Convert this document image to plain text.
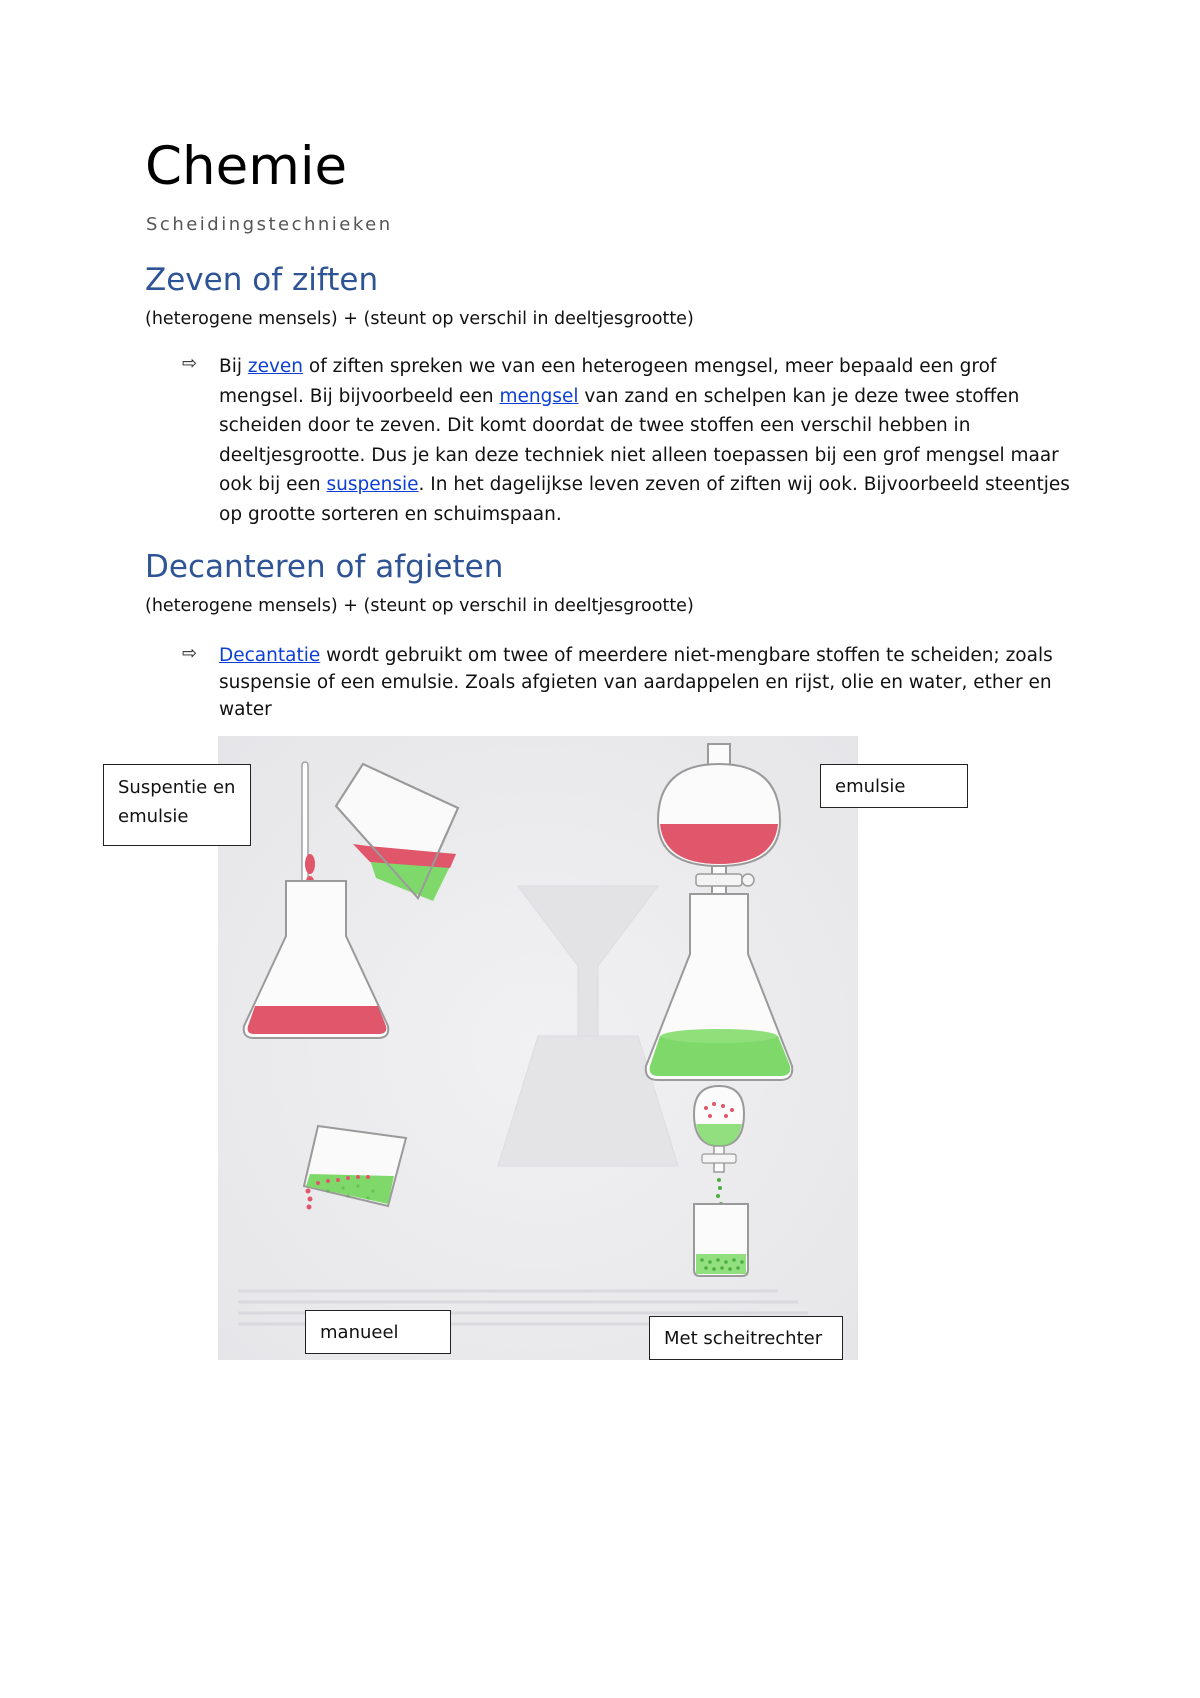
Chemie
Scheidingstechnieken
Zeven of ziften
(heterogene mensels) + (steunt op verschil in deeltjesgrootte)
⇨ Bij zeven of ziften spreken we van een heterogeen mengsel, meer bepaald een grof mengsel. Bij bijvoorbeeld een mengsel van zand en schelpen kan je deze twee stoffen scheiden door te zeven. Dit komt doordat de twee stoffen een verschil hebben in deeltjesgrootte. Dus je kan deze techniek niet alleen toepassen bij een grof mengsel maar ook bij een suspensie. In het dagelijkse leven zeven of ziften wij ook. Bijvoorbeeld steentjes op grootte sorteren en schuimspaan.
Decanteren of afgieten
(heterogene mensels) + (steunt op verschil in deeltjesgrootte)
⇨ Decantatie wordt gebruikt om twee of meerdere niet-mengbare stoffen te scheiden; zoals suspensie of een emulsie. Zoals afgieten van aardappelen en rijst, olie en water, ether en water
Suspentie en emulsie
emulsie
manueel	Met scheitrechter
